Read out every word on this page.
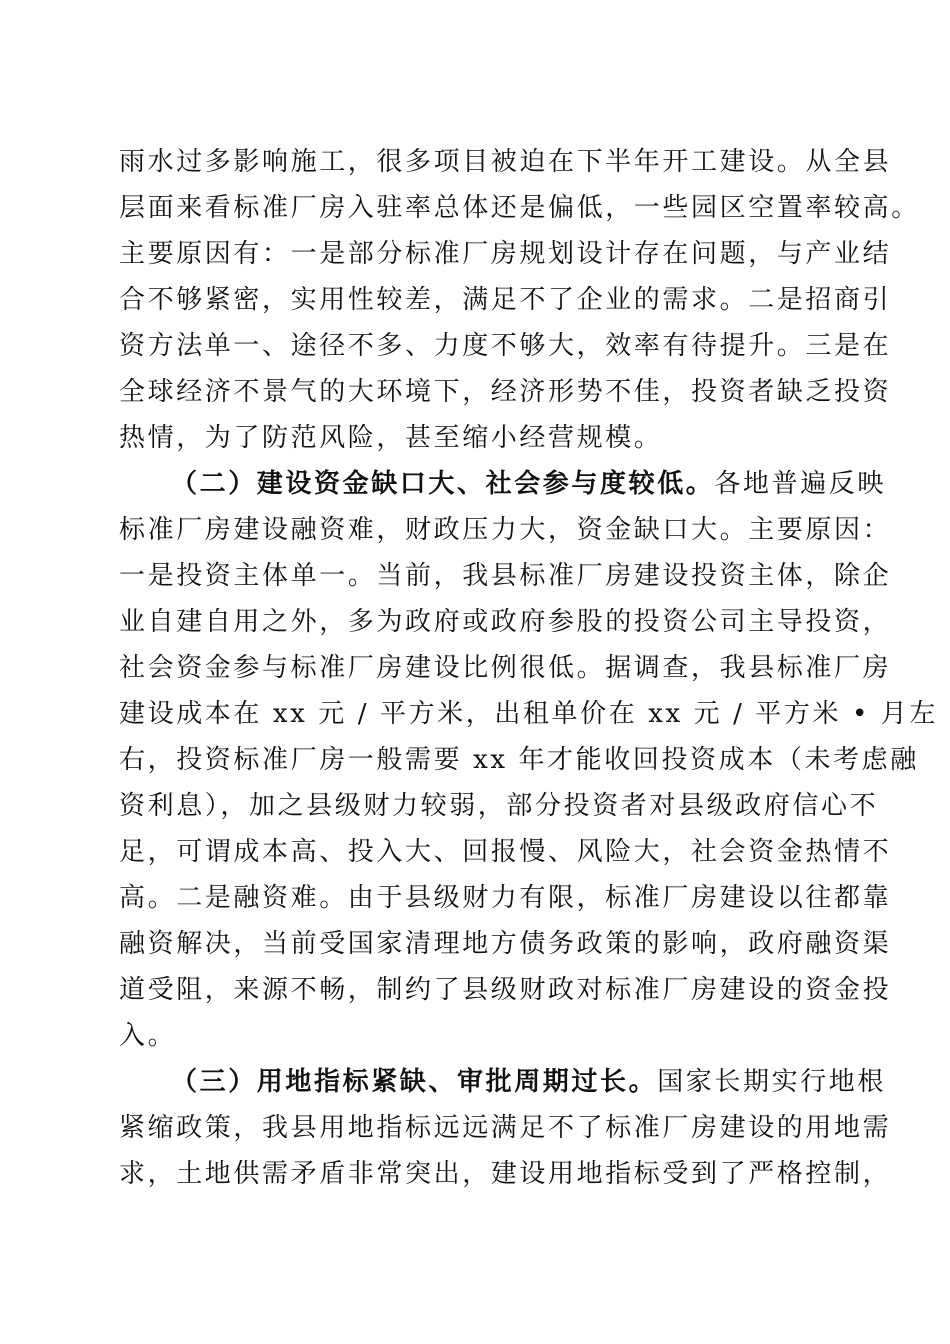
雨水过多影响施工，很多项目被迫在下半年开工建设。从全县
层面来看标准厂房入驻率总体还是偏低，一些园区空置率较高。
主要原因有：一是部分标准厂房规划设计存在问题，与产业结
合不够紧密，实用性较差，满足不了企业的需求。二是招商引
资方法单一、途径不多、力度不够大，效率有待提升。三是在
全球经济不景气的大环境下，经济形势不佳，投资者缺乏投资
热情，为了防范风险，甚至缩小经营规模。
（二）建设资金缺口大、社会参与度较低。各地普遍反映
标准厂房建设融资难，财政压力大，资金缺口大。主要原因：
一是投资主体单一。当前，我县标准厂房建设投资主体，除企
业自建自用之外，多为政府或政府参股的投资公司主导投资，
社会资金参与标准厂房建设比例很低。据调查，我县标准厂房
建设成本在 xx 元 / 平方米，出租单价在 xx 元 / 平方米 • 月左
右，投资标准厂房一般需要 xx 年才能收回投资成本（未考虑融
资利息），加之县级财力较弱，部分投资者对县级政府信心不
足，可谓成本高、投入大、回报慢、风险大，社会资金热情不
高。二是融资难。由于县级财力有限，标准厂房建设以往都靠
融资解决，当前受国家清理地方债务政策的影响，政府融资渠
道受阻，来源不畅，制约了县级财政对标准厂房建设的资金投
入。
（三）用地指标紧缺、审批周期过长。国家长期实行地根
紧缩政策，我县用地指标远远满足不了标准厂房建设的用地需
求，土地供需矛盾非常突出，建设用地指标受到了严格控制，
